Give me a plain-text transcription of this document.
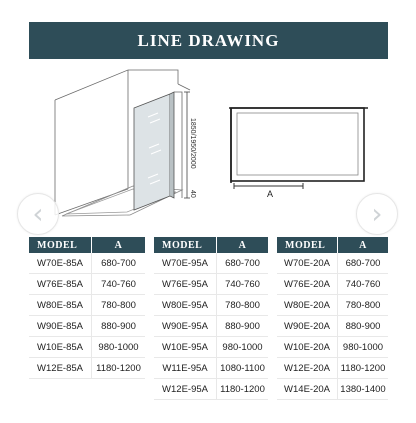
LINE DRAWING
1850/1950/2000
40	A
‹	›
MODEL	A
W70E-85A	680-700
W76E-85A	740-760
W80E-85A	780-800
W90E-85A	880-900
W10E-85A	980-1000
W12E-85A	1180-1200
MODEL	A
W70E-95A	680-700
W76E-95A	740-760
W80E-95A	780-800
W90E-95A	880-900
W10E-95A	980-1000
W11E-95A	1080-1100
W12E-95A	1180-1200
MODEL	A
W70E-20A	680-700
W76E-20A	740-760
W80E-20A	780-800
W90E-20A	880-900
W10E-20A	980-1000
W12E-20A	1180-1200
W14E-20A	1380-1400
